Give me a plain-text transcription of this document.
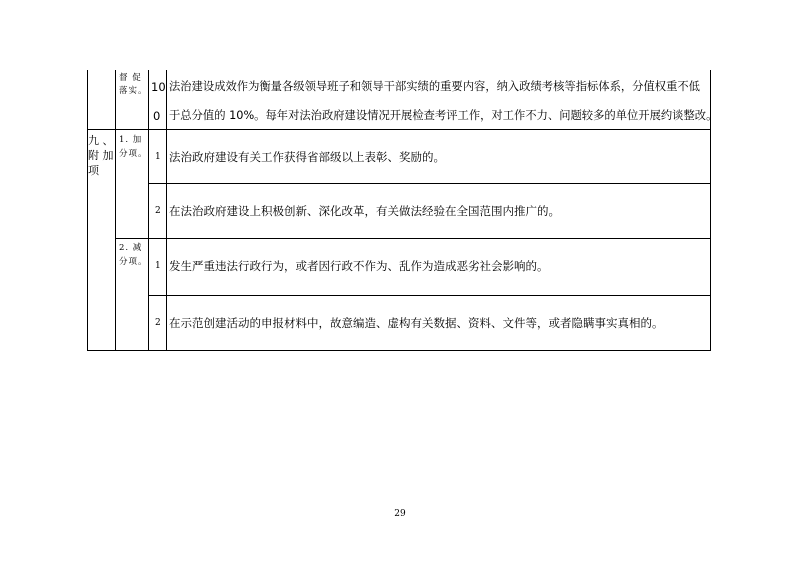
督 促
落实。 10
0
法治建设成效作为衡量各级领导班子和领导干部实绩的重要内容，纳入政绩考核等指标体系，分值权重不低
于总分值的 10%。每年对法治政府建设情况开展检查考评工作，对工作不力、问题较多的单位开展约谈整改。
九 、
附 加
项
1. 加
分项。 1 法治政府建设有关工作获得省部级以上表彰、奖励的。
2 在法治政府建设上积极创新、深化改革，有关做法经验在全国范围内推广的。
2. 减
分项。 1 发生严重违法行政行为，或者因行政不作为、乱作为造成恶劣社会影响的。
2 在示范创建活动的申报材料中，故意编造、虚构有关数据、资料、文件等，或者隐瞒事实真相的。
29
